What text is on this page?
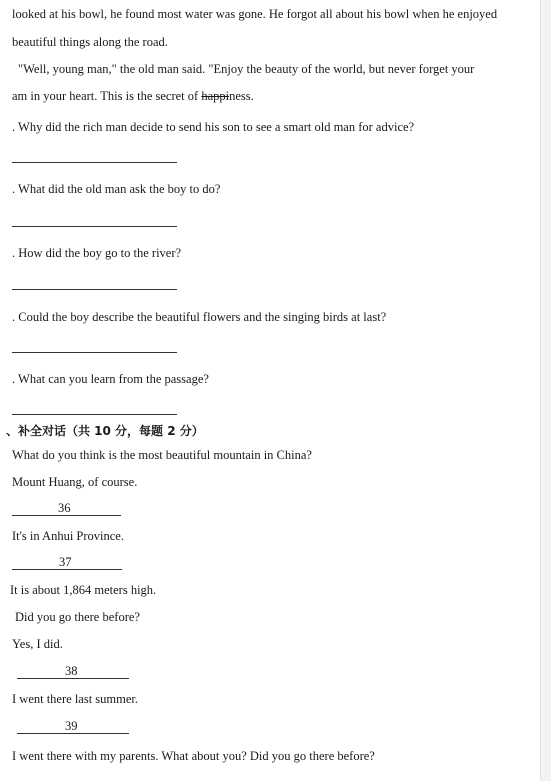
looked at his bowl, he found most water was gone. He forgot all about his bowl when he enjoyed
beautiful things along the road.
"Well, young man," the old man said. "Enjoy the beauty of the world, but never forget your
am in your heart. This is the secret of happiness.
. Why did the rich man decide to send his son to see a smart old man for advice?
. What did the old man ask the boy to do?
. How did the boy go to the river?
. Could the boy describe the beautiful flowers and the singing birds at last?
. What can you learn from the passage?
、补全对话（共 10 分，每题 2 分）
What do you think is the most beautiful mountain in China?
Mount Huang, of course.
36
It's in Anhui Province.
37
It is about 1,864 meters high.
Did you go there before?
Yes, I did.
38
I went there last summer.
39
I went there with my parents. What about you? Did you go there before?
